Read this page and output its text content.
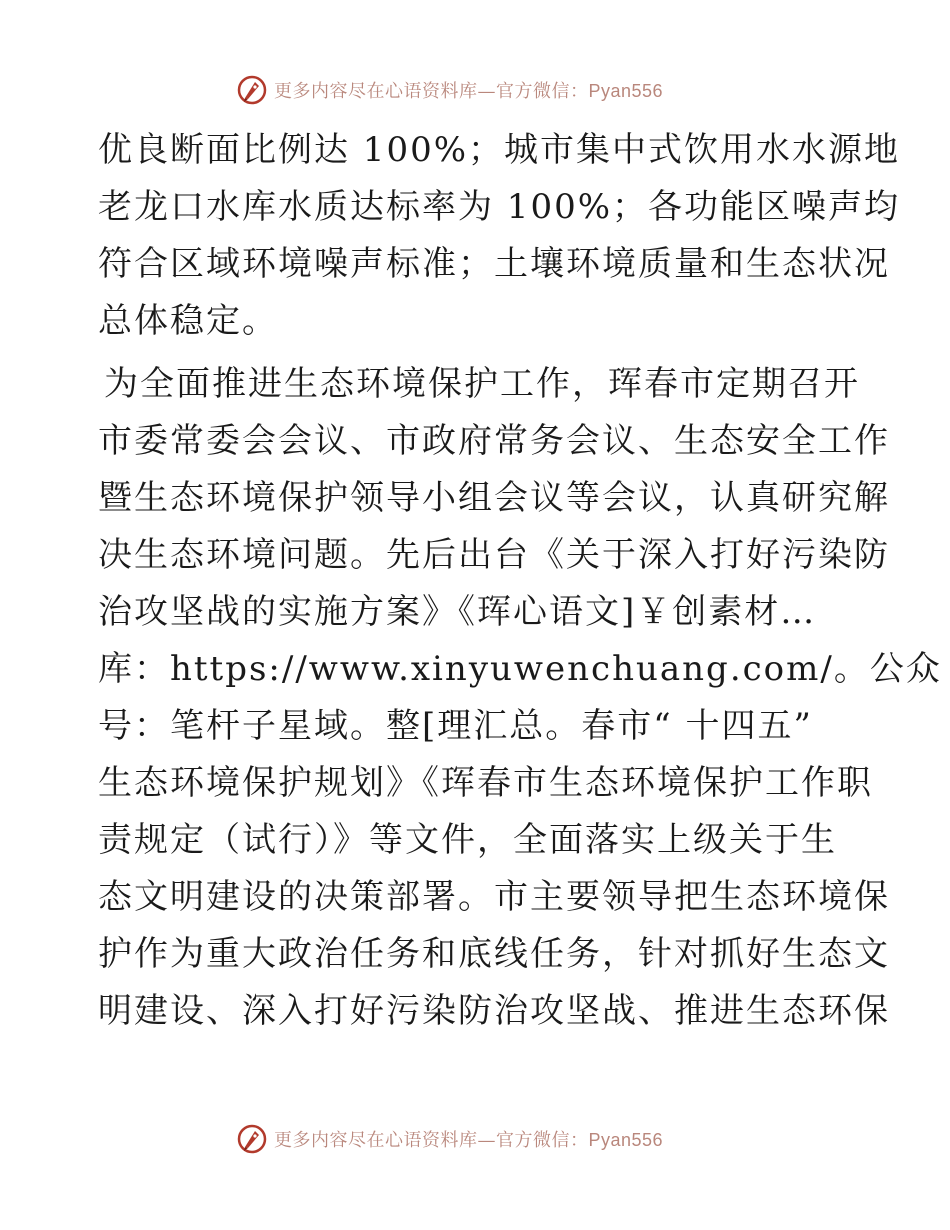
更多内容尽在心语资料库—官方微信：Pyan556
优良断面比例达 100%；城市集中式饮用水水源地
老龙口水库水质达标率为 100%；各功能区噪声均
符合区域环境噪声标准；土壤环境质量和生态状况
总体稳定。
为全面推进生态环境保护工作，珲春市定期召开
市委常委会会议、市政府常务会议、生态安全工作
暨生态环境保护领导小组会议等会议，认真研究解
决生态环境问题。先后出台《关于深入打好污染防
治攻坚战的实施方案》《珲心语文]￥创素材…
库：https://www.xinyuwenchuang.com/。公众
号：笔杆子星域。整[理汇总。春市“ 十四五”
生态环境保护规划》《珲春市生态环境保护工作职
责规定（试行）》等文件，全面落实上级关于生
态文明建设的决策部署。市主要领导把生态环境保
护作为重大政治任务和底线任务，针对抓好生态文
明建设、深入打好污染防治攻坚战、推进生态环保
更多内容尽在心语资料库—官方微信：Pyan556
